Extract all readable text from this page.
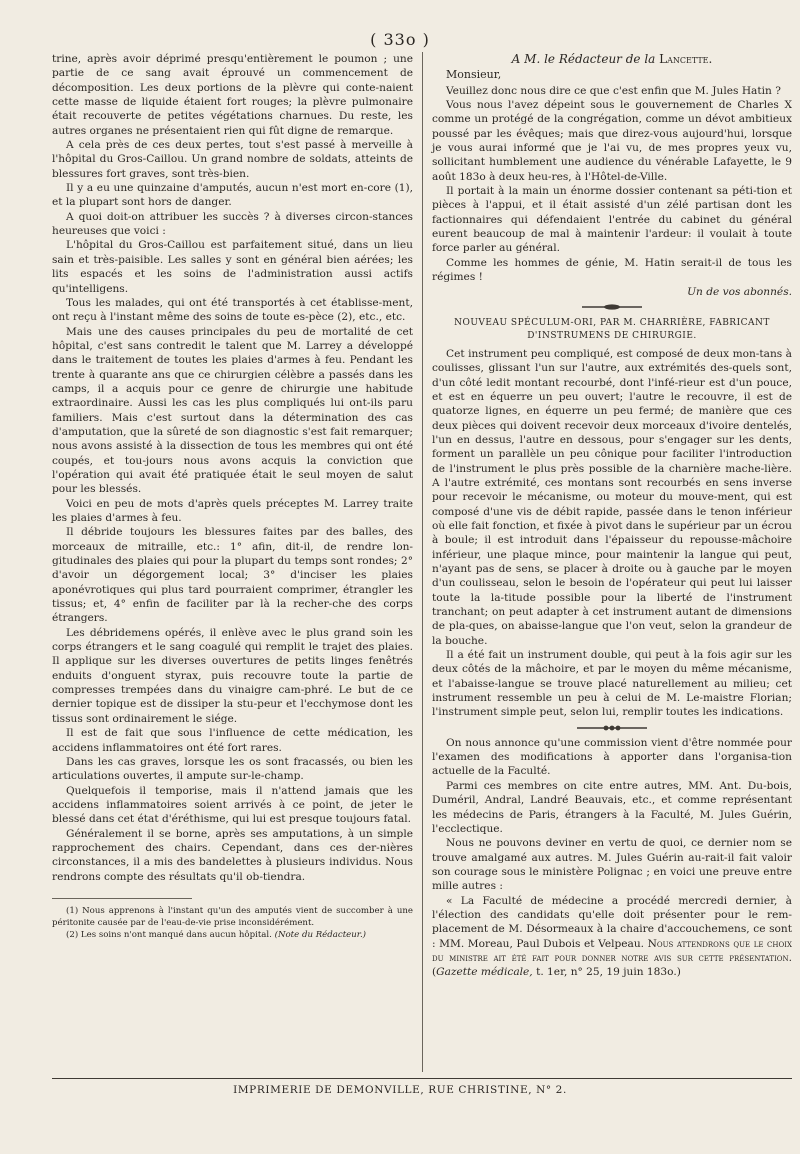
( 33o )

trine, après avoir déprimé presqu'entièrement le poumon ; une partie de ce sang avait éprouvé un commencement de décomposition. Les deux portions de la plèvre qui conte-naient cette masse de liquide étaient fort rouges; la plèvre pulmonaire était recouverte de petites végétations charnues. Du reste, les autres organes ne présentaient rien qui fût digne de remarque.

A cela près de ces deux pertes, tout s'est passé à merveille à l'hôpital du Gros-Caillou. Un grand nombre de soldats, atteints de blessures fort graves, sont très-bien.

Il y a eu une quinzaine d'amputés, aucun n'est mort en-core (1), et la plupart sont hors de danger.

A quoi doit-on attribuer les succès ? à diverses circon-stances heureuses que voici :

L'hôpital du Gros-Caillou est parfaitement situé, dans un lieu sain et très-paisible. Les salles y sont en général bien aérées; les lits espacés et les soins de l'administration aussi actifs qu'intelligens.

Tous les malades, qui ont été transportés à cet établisse-ment, ont reçu à l'instant même des soins de toute es-pèce (2), etc., etc.

Mais une des causes principales du peu de mortalité de cet hôpital, c'est sans contredit le talent que M. Larrey a développé dans le traitement de toutes les plaies d'armes à feu. Pendant les trente à quarante ans que ce chirurgien célèbre a passés dans les camps, il a acquis pour ce genre de chirurgie une habitude extraordinaire. Aussi les cas les plus compliqués lui ont-ils paru familiers. Mais c'est surtout dans la détermination des cas d'amputation, que la sûreté de son diagnostic s'est fait remarquer; nous avons assisté à la dissection de tous les membres qui ont été coupés, et tou-jours nous avons acquis la conviction que l'opération qui avait été pratiquée était le seul moyen de salut pour les blessés.

Voici en peu de mots d'après quels préceptes M. Larrey traite les plaies d'armes à feu.

Il débride toujours les blessures faites par des balles, des morceaux de mitraille, etc.: 1° afin, dit-il, de rendre lon-gitudinales des plaies qui pour la plupart du temps sont rondes; 2° d'avoir un dégorgement local; 3° d'inciser les plaies aponévrotiques qui plus tard pourraient comprimer, étrangler les tissus; et, 4° enfin de faciliter par là la recher-che des corps étrangers.

Les débridemens opérés, il enlève avec le plus grand soin les corps étrangers et le sang coagulé qui remplit le trajet des plaies. Il applique sur les diverses ouvertures de petits linges fenêtrés enduits d'onguent styrax, puis recouvre toute la partie de compresses trempées dans du vinaigre cam-phré. Le but de ce dernier topique est de dissiper la stu-peur et l'ecchymose dont les tissus sont ordinairement le siége.

Il est de fait que sous l'influence de cette médication, les accidens inflammatoires ont été fort rares.

Dans les cas graves, lorsque les os sont fracassés, ou bien les articulations ouvertes, il ampute sur-le-champ.

Quelquefois il temporise, mais il n'attend jamais que les accidens inflammatoires soient arrivés à ce point, de jeter le blessé dans cet état d'éréthisme, qui lui est presque toujours fatal.

Généralement il se borne, après ses amputations, à un simple rapprochement des chairs. Cependant, dans ces der-nières circonstances, il a mis des bandelettes à plusieurs individus. Nous rendrons compte des résultats qu'il ob-tiendra.

(1) Nous apprenons à l'instant qu'un des amputés vient de succomber à une péritonite causée par de l'eau-de-vie prise inconsidérément.

(2) Les soins n'ont manqué dans aucun hôpital. (Note du Rédacteur.)

A M. le Rédacteur de la Lancette.
Monsieur,

Veuillez donc nous dire ce que c'est enfin que M. Jules Hatin ?

Vous nous l'avez dépeint sous le gouvernement de Charles X comme un protégé de la congrégation, comme un dévot ambitieux poussé par les évêques; mais que direz-vous aujourd'hui, lorsque je vous aurai informé que je l'ai vu, de mes propres yeux vu, sollicitant humblement une audience du vénérable Lafayette, le 9 août 183o à deux heu-res, à l'Hôtel-de-Ville.

Il portait à la main un énorme dossier contenant sa péti-tion et pièces à l'appui, et il était assisté d'un zélé partisan dont les factionnaires qui défendaient l'entrée du cabinet du général eurent beaucoup de mal à maintenir l'ardeur: il voulait à toute force parler au général.

Comme les hommes de génie, M. Hatin serait-il de tous les régimes !

Un de vos abonnés.

NOUVEAU SPÉCULUM-ORI, PAR M. CHARRIÈRE, FABRICANT
D'INSTRUMENS DE CHIRURGIE.

Cet instrument peu compliqué, est composé de deux mon-tans à coulisses, glissant l'un sur l'autre, aux extrémités des-quels sont, d'un côté ledit montant recourbé, dont l'infé-rieur est d'un pouce, et est en équerre un peu ouvert; l'autre le recouvre, il est de quatorze lignes, en équerre un peu fermé; de manière que ces deux pièces qui doivent recevoir deux morceaux d'ivoire dentelés, l'un en dessus, l'autre en dessous, pour s'engager sur les dents, forment un parallèle un peu cônique pour faciliter l'introduction de l'instrument le plus près possible de la charnière mache-lière. A l'autre extrémité, ces montans sont recourbés en sens inverse pour recevoir le mécanisme, ou moteur du mouve-ment, qui est composé d'une vis de débit rapide, passée dans le tenon inférieur où elle fait fonction, et fixée à pivot dans le supérieur par un écrou à boule; il est introduit dans l'épaisseur du repousse-mâchoire inférieur, une plaque mince, pour maintenir la langue qui peut, n'ayant pas de sens, se placer à droite ou à gauche par le moyen d'un coulisseau, selon le besoin de l'opérateur qui peut lui laisser toute la la-titude possible pour la liberté de l'instrument tranchant; on peut adapter à cet instrument autant de dimensions de pla-ques, on abaisse-langue que l'on veut, selon la grandeur de la bouche.

Il a été fait un instrument double, qui peut à la fois agir sur les deux côtés de la mâchoire, et par le moyen du même mécanisme, et l'abaisse-langue se trouve placé naturellement au milieu; cet instrument ressemble un peu à celui de M. Le-maistre Florian; l'instrument simple peut, selon lui, remplir toutes les indications.

On nous annonce qu'une commission vient d'être nommée pour l'examen des modifications à apporter dans l'organisa-tion actuelle de la Faculté.

Parmi ces membres on cite entre autres, MM. Ant. Du-bois, Duméril, Andral, Landré Beauvais, etc., et comme représentant les médecins de Paris, étrangers à la Faculté, M. Jules Guérin, l'ecclectique.

Nous ne pouvons deviner en vertu de quoi, ce dernier nom se trouve amalgamé aux autres. M. Jules Guérin au-rait-il fait valoir son courage sous le ministère Polignac ; en voici une preuve entre mille autres :

« La Faculté de médecine a procédé mercredi dernier, à l'élection des candidats qu'elle doit présenter pour le rem-placement de M. Désormeaux à la chaire d'accouchemens, ce sont : MM. Moreau, Paul Dubois et Velpeau. Nous attendrons que le choix du ministre ait été fait pour donner notre avis sur cette présentation. (Gazette médicale, t. 1er, n° 25, 19 juin 183o.)

IMPRIMERIE DE DEMONVILLE, RUE CHRISTINE, N° 2.
